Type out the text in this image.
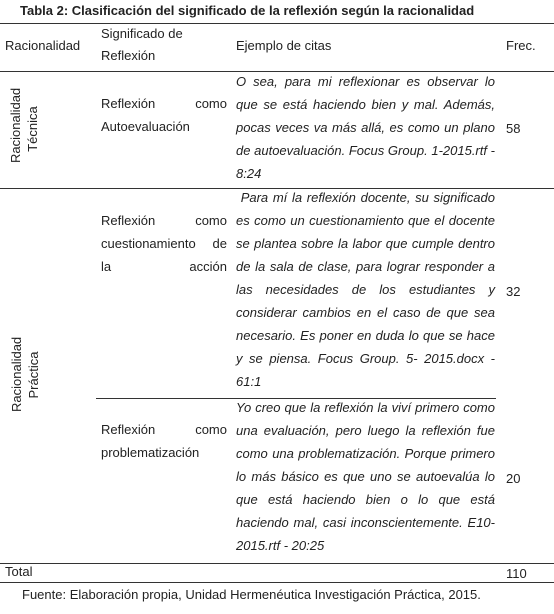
Tabla 2: Clasificación del significado de la reflexión según la racionalidad
Racionalidad
Significado de Reflexión
Ejemplo de citas	Frec.
Racionalidad Técnica
Reflexión como Autoevaluación
O sea, para mi reflexionar es observar lo que se está haciendo bien y mal. Además, pocas veces va más allá, es como un plano de autoevaluación. Focus Group. 1-2015.rtf - 8:24
58
Racionalidad Práctica
Reflexión como cuestionamiento de la acción
Para mí la reflexión docente, su significado es como un cuestionamiento que el docente se plantea sobre la labor que cumple dentro de la sala de clase, para lograr responder a las necesidades de los estudiantes y considerar cambios en el caso de que sea necesario. Es poner en duda lo que se hace y se piensa. Focus Group. 5- 2015.docx - 61:1
32
Reflexión como problematización
Yo creo que la reflexión la viví primero como una evaluación, pero luego la reflexión fue como una problematización. Porque primero lo más básico es que uno se autoevalúa lo que está haciendo bien o lo que está haciendo mal, casi inconscientemente. E10-2015.rtf - 20:25
20
Total	110
Fuente: Elaboración propia, Unidad Hermenéutica Investigación Práctica, 2015.
